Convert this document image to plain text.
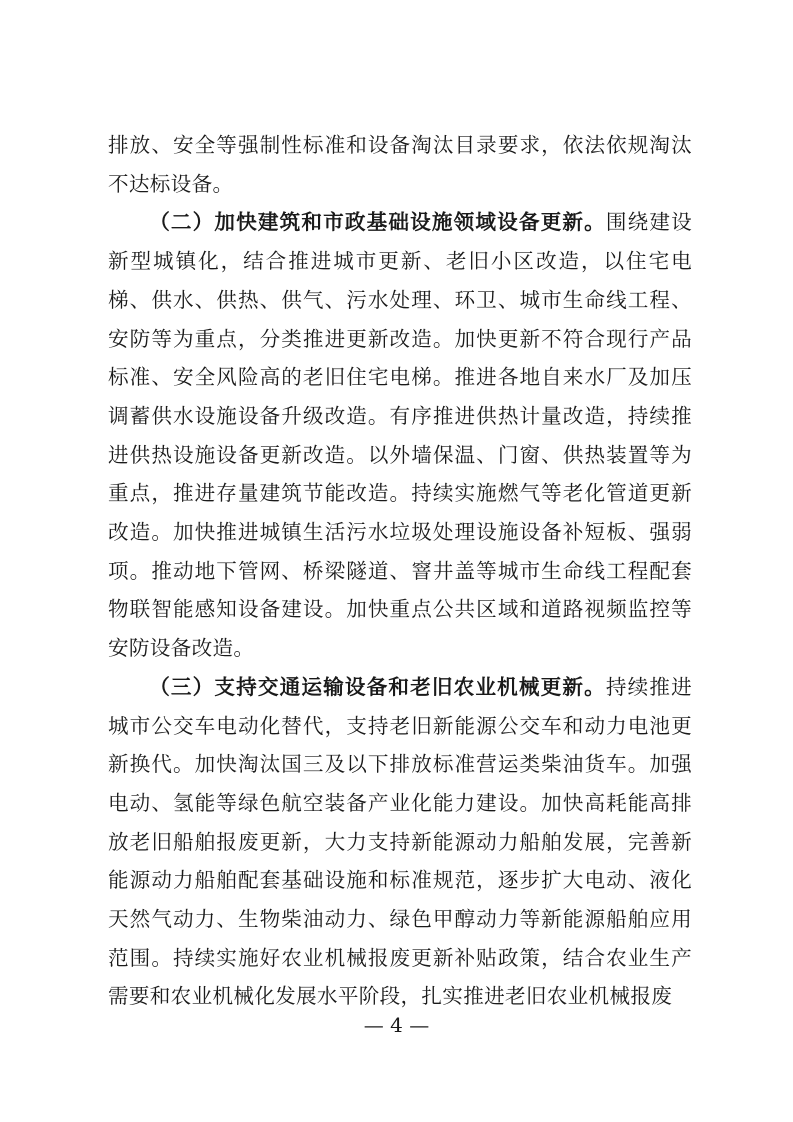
排放、安全等强制性标准和设备淘汰目录要求，依法依规淘汰不达标设备。

（二）加快建筑和市政基础设施领域设备更新。围绕建设新型城镇化，结合推进城市更新、老旧小区改造，以住宅电梯、供水、供热、供气、污水处理、环卫、城市生命线工程、安防等为重点，分类推进更新改造。加快更新不符合现行产品标准、安全风险高的老旧住宅电梯。推进各地自来水厂及加压调蓄供水设施设备升级改造。有序推进供热计量改造，持续推进供热设施设备更新改造。以外墙保温、门窗、供热装置等为重点，推进存量建筑节能改造。持续实施燃气等老化管道更新改造。加快推进城镇生活污水垃圾处理设施设备补短板、强弱项。推动地下管网、桥梁隧道、窨井盖等城市生命线工程配套物联智能感知设备建设。加快重点公共区域和道路视频监控等安防设备改造。

（三）支持交通运输设备和老旧农业机械更新。持续推进城市公交车电动化替代，支持老旧新能源公交车和动力电池更新换代。加快淘汰国三及以下排放标准营运类柴油货车。加强电动、氢能等绿色航空装备产业化能力建设。加快高耗能高排放老旧船舶报废更新，大力支持新能源动力船舶发展，完善新能源动力船舶配套基础设施和标准规范，逐步扩大电动、液化天然气动力、生物柴油动力、绿色甲醇动力等新能源船舶应用范围。持续实施好农业机械报废更新补贴政策，结合农业生产需要和农业机械化发展水平阶段，扎实推进老旧农业机械报废

— 4 —
